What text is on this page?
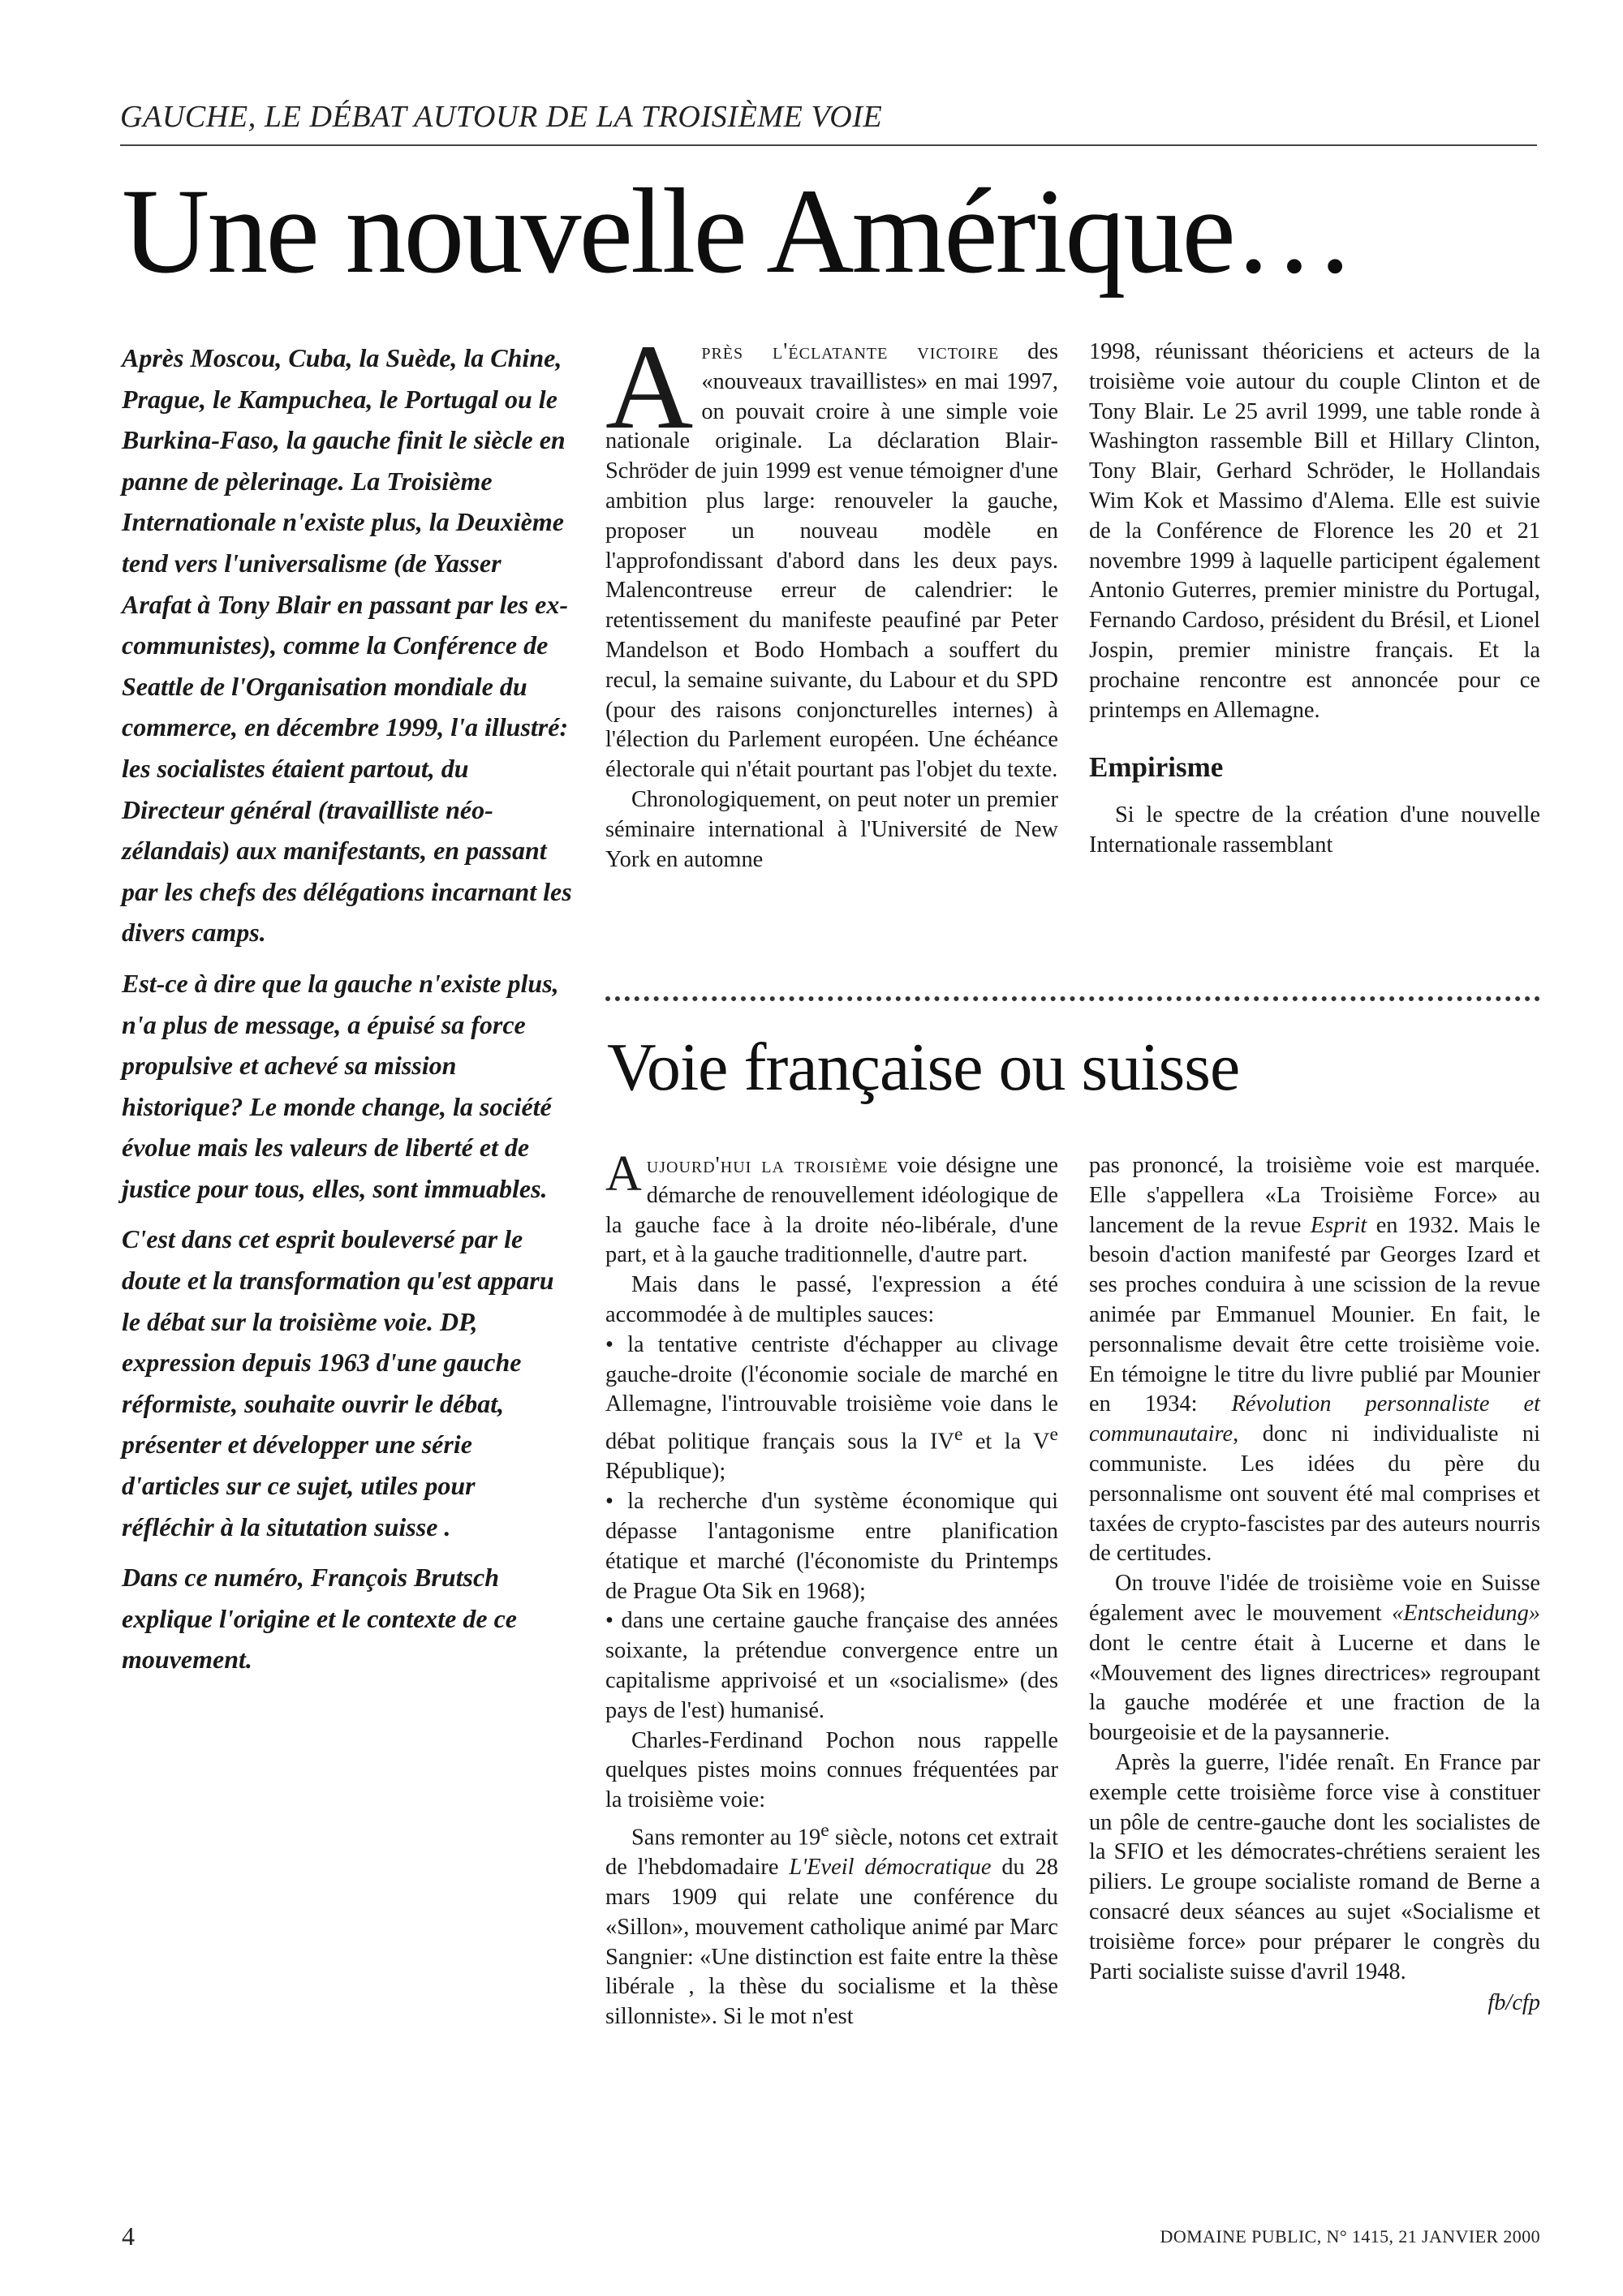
GAUCHE, LE DÉBAT AUTOUR DE LA TROISIÈME VOIE
Une nouvelle Amérique…

Après Moscou, Cuba, la Suède, la Chine, Prague, le Kampuchea, le Portugal ou le Burkina-Faso, la gauche finit le siècle en panne de pèlerinage. La Troisième Internationale n'existe plus, la Deuxième tend vers l'universalisme (de Yasser Arafat à Tony Blair en passant par les ex-communistes), comme la Conférence de Seattle de l'Organisation mondiale du commerce, en décembre 1999, l'a illustré: les socialistes étaient partout, du Directeur général (travailliste néo-zélandais) aux manifestants, en passant par les chefs des délégations incarnant les divers camps.

Est-ce à dire que la gauche n'existe plus, n'a plus de message, a épuisé sa force propulsive et achevé sa mission historique? Le monde change, la société évolue mais les valeurs de liberté et de justice pour tous, elles, sont immuables.

C'est dans cet esprit bouleversé par le doute et la transformation qu'est apparu le débat sur la troisième voie. DP, expression depuis 1963 d'une gauche réformiste, souhaite ouvrir le débat, présenter et développer une série d'articles sur ce sujet, utiles pour réfléchir à la situtation suisse .

Dans ce numéro, François Brutsch explique l'origine et le contexte de ce mouvement.

Après l'éclatante victoire des «nouveaux travaillistes» en mai 1997, on pouvait croire à une simple voie nationale originale. La déclaration Blair-Schröder de juin 1999 est venue témoigner d'une ambition plus large: renouveler la gauche, proposer un nouveau modèle en l'approfondissant d'abord dans les deux pays. Malencontreuse erreur de calendrier: le retentissement du manifeste peaufiné par Peter Mandelson et Bodo Hombach a souffert du recul, la semaine suivante, du Labour et du SPD (pour des raisons conjoncturelles internes) à l'élection du Parlement européen. Une échéance électorale qui n'était pourtant pas l'objet du texte.

Chronologiquement, on peut noter un premier séminaire international à l'Université de New York en automne

1998, réunissant théoriciens et acteurs de la troisième voie autour du couple Clinton et de Tony Blair. Le 25 avril 1999, une table ronde à Washington rassemble Bill et Hillary Clinton, Tony Blair, Gerhard Schröder, le Hollandais Wim Kok et Massimo d'Alema. Elle est suivie de la Conférence de Florence les 20 et 21 novembre 1999 à laquelle participent également Antonio Guterres, premier ministre du Portugal, Fernando Cardoso, président du Brésil, et Lionel Jospin, premier ministre français. Et la prochaine rencontre est annoncée pour ce printemps en Allemagne.

Empirisme

Si le spectre de la création d'une nouvelle Internationale rassemblant

Voie française ou suisse

Aujourd'hui la troisième voie désigne une démarche de renouvellement idéologique de la gauche face à la droite néo-libérale, d'une part, et à la gauche traditionnelle, d'autre part.

Mais dans le passé, l'expression a été accommodée à de multiples sauces:

• la tentative centriste d'échapper au clivage gauche-droite (l'économie sociale de marché en Allemagne, l'introuvable troisième voie dans le débat politique français sous la IVe et la Ve République);

• la recherche d'un système économique qui dépasse l'antagonisme entre planification étatique et marché (l'économiste du Printemps de Prague Ota Sik en 1968);

• dans une certaine gauche française des années soixante, la prétendue convergence entre un capitalisme apprivoisé et un «socialisme» (des pays de l'est) humanisé.

Charles-Ferdinand Pochon nous rappelle quelques pistes moins connues fréquentées par la troisième voie:

Sans remonter au 19e siècle, notons cet extrait de l'hebdomadaire L'Eveil démocratique du 28 mars 1909 qui relate une conférence du «Sillon», mouvement catholique animé par Marc Sangnier: «Une distinction est faite entre la thèse libérale , la thèse du socialisme et la thèse sillonniste». Si le mot n'est

pas prononcé, la troisième voie est marquée. Elle s'appellera «La Troisième Force» au lancement de la revue Esprit en 1932. Mais le besoin d'action manifesté par Georges Izard et ses proches conduira à une scission de la revue animée par Emmanuel Mounier. En fait, le personnalisme devait être cette troisième voie. En témoigne le titre du livre publié par Mounier en 1934: Révolution personnaliste et communautaire, donc ni individualiste ni communiste. Les idées du père du personnalisme ont souvent été mal comprises et taxées de crypto-fascistes par des auteurs nourris de certitudes.

On trouve l'idée de troisième voie en Suisse également avec le mouvement «Entscheidung» dont le centre était à Lucerne et dans le «Mouvement des lignes directrices» regroupant la gauche modérée et une fraction de la bourgeoisie et de la paysannerie.

Après la guerre, l'idée renaît. En France par exemple cette troisième force vise à constituer un pôle de centre-gauche dont les socialistes de la SFIO et les démocrates-chrétiens seraient les piliers. Le groupe socialiste romand de Berne a consacré deux séances au sujet «Socialisme et troisième force» pour préparer le congrès du Parti socialiste suisse d'avril 1948.

fb/cfp
4	DOMAINE PUBLIC, N° 1415, 21 JANVIER 2000
